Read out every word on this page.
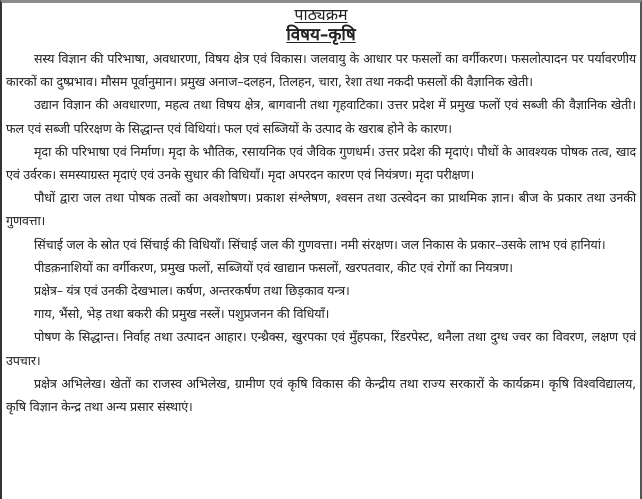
पाठ्यक्रम
विषय–कृषि

सस्य विज्ञान की परिभाषा, अवधारणा, विषय क्षेत्र एवं विकास। जलवायु के आधार पर फसलों का वर्गीकरण। फसलोत्पादन पर पर्यावरणीय कारकों का दुष्प्रभाव। मौसम पूर्वानुमान। प्रमुख अनाज–दलहन, तिलहन, चारा, रेशा तथा नकदी फसलों की वैज्ञानिक खेती।

उद्यान विज्ञान की अवधारणा, महत्व तथा विषय क्षेत्र, बागवानी तथा गृहवाटिका। उत्तर प्रदेश में प्रमुख फलों एवं सब्जी की वैज्ञानिक खेती। फल एवं सब्जी परिरक्षण के सिद्धान्त एवं विधियां। फल एवं सब्जियों के उत्पाद के खराब होने के कारण।

मृदा की परिभाषा एवं निर्माण। मृदा के भौतिक, रसायनिक एवं जैविक गुणधर्म। उत्तर प्रदेश की मृदाएं। पौधों के आवश्यक पोषक तत्व, खाद एवं उर्वरक। समस्याग्रस्त मृदाएं एवं उनके सुधार की विधियॉं। मृदा अपरदन कारण एवं नियंत्रण। मृदा परीक्षण।

पौधों द्वारा जल तथा पोषक तत्वों का अवशोषण। प्रकाश संश्लेषण, श्वसन तथा उत्स्वेदन का प्राथमिक ज्ञान। बीज के प्रकार तथा उनकी गुणवत्ता।

सिंचाई जल के स्रोत एवं सिंचाई की विधियॉं। सिंचाई जल की गुणवत्ता। नमी संरक्षण। जल निकास के प्रकार–उसके लाभ एवं हानियां।

पीडक़नाशियों का वर्गीकरण, प्रमुख फलों, सब्जियों एवं खाद्यान फसलों, खरपतवार, कीट एवं रोगों का नियत्रण।

प्रक्षेत्र– यंत्र एवं उनकी देखभाल। कर्षण, अन्तरकर्षण तथा छिड़काव यन्त्र।

गाय, भैंसो, भेड़ तथा बकरी की प्रमुख नस्लें। पशुप्रजनन की विधियॉं।

पोषण के सिद्धान्त। निर्वाह तथा उत्पादन आहार। एन्थ्रैक्स, खुरपका एवं मुँहपका, रिंडरपेस्ट, थनैला तथा दुग्ध ज्वर का विवरण, लक्षण एवं उपचार।

प्रक्षेत्र अभिलेख। खेतों का राजस्व अभिलेख, ग्रामीण एवं कृषि विकास की केन्द्रीय तथा राज्य सरकारों के कार्यक्रम। कृषि विश्वविद्यालय, कृषि विज्ञान केन्द्र तथा अन्य प्रसार संस्थाएं।
